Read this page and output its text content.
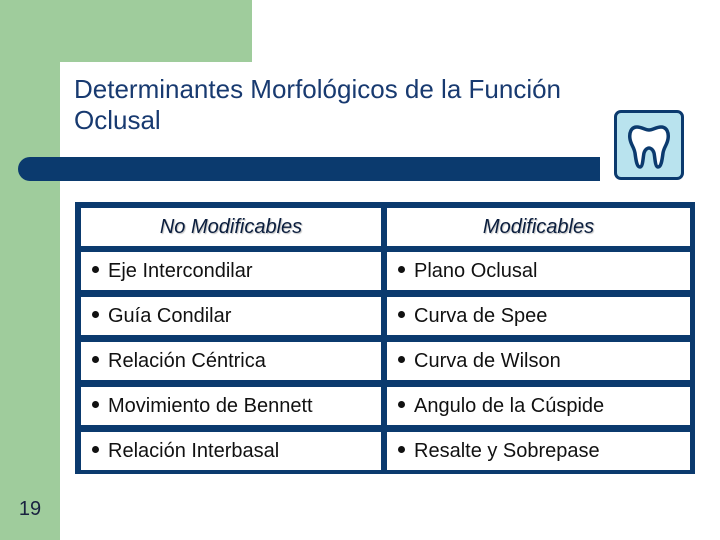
Determinantes Morfológicos de la Función Oclusal
No Modificables	Modificables
Eje Intercondilar	Plano Oclusal
Guía Condilar	Curva de Spee
Relación Céntrica	Curva de Wilson
Movimiento de Bennett	Angulo de la Cúspide
Relación Interbasal	Resalte y Sobrepase
19
